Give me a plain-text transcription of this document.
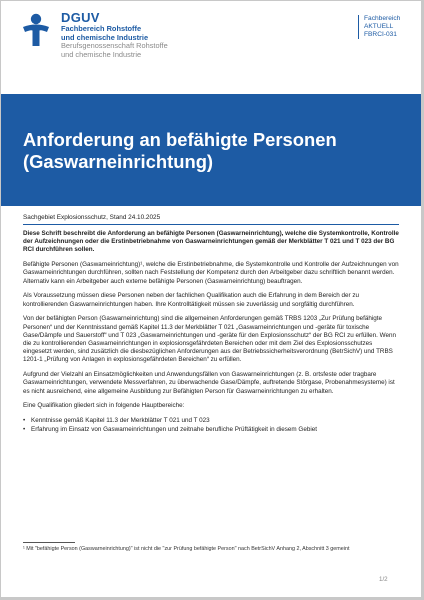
DGUV
Fachbereich Rohstoffe
und chemische Industrie
Berufsgenossenschaft Rohstoffe
und chemische Industrie
Fachbereich
AKTUELL
FBRCI-031
Anforderung an befähigte Personen
(Gaswarneinrichtung)
Sachgebiet Explosionsschutz, Stand 24.10.2025

Diese Schrift beschreibt die Anforderung an befähigte Personen (Gaswarneinrichtung), welche die Systemkontrolle, Kontrolle der Aufzeichnungen oder die Erstinbetriebnahme von Gaswarneinrichtungen gemäß der Merkblätter T 021 und T 023 der BG RCI durchführen sollen.

Befähigte Personen (Gaswarneinrichtung)¹, welche die Erstinbetriebnahme, die Systemkontrolle und Kontrolle der Aufzeichnungen von Gaswarneinrichtungen durchführen, sollten nach Feststellung der Kompetenz durch den Arbeitgeber dazu schriftlich benannt werden. Alternativ kann ein Arbeitgeber auch externe befähigte Personen (Gaswarneinrichtung) beauftragen.

Als Voraussetzung müssen diese Personen neben der fachlichen Qualifikation auch die Erfahrung in dem Bereich der zu kontrollierenden Gaswarneinrichtungen haben. Ihre Kontrolltätigkeit müssen sie zuverlässig und sorgfältig durchführen.

Von der befähigten Person (Gaswarneinrichtung) sind die allgemeinen Anforderungen gemäß TRBS 1203 „Zur Prüfung befähigte Personen“ und der Kenntnisstand gemäß Kapitel 11.3 der Merkblätter T 021 „Gaswarneinrichtungen und -geräte für toxische Gase/Dämpfe und Sauerstoff“ und T 023 „Gaswarneinrichtungen und -geräte für den Explosionsschutz“ der BG RCI zu erfüllen. Wenn die zu kontrollierenden Gaswarneinrichtungen in explosionsgefährdeten Bereichen oder mit dem Ziel des Explosionsschutzes eingesetzt werden, sind zusätzlich die diesbezüglichen Anforderungen aus der Betriebssicherheitsverordnung (BetrSichV) und TRBS 1201-1 „Prüfung von Anlagen in explosionsgefährdeten Bereichen“ zu erfüllen.

Aufgrund der Vielzahl an Einsatzmöglichkeiten und Anwendungsfällen von Gaswarneinrichtungen (z. B. ortsfeste oder tragbare Gaswarneinrichtungen, verwendete Messverfahren, zu überwachende Gase/Dämpfe, auftretende Störgase, Probenahmesysteme) ist es nicht ausreichend, eine allgemeine Ausbildung zur Befähigten Person für Gaswarneinrichtungen zu erhalten.

Eine Qualifikation gliedert sich in folgende Hauptbereiche:

• Kenntnisse gemäß Kapitel 11.3 der Merkblätter T 021 und T 023
• Erfahrung im Einsatz von Gaswarneinrichtungen und zeitnahe berufliche Prüftätigkeit in diesem Gebiet
¹ Mit "befähigte Person (Gaswarneinrichtung)" ist nicht die "zur Prüfung befähigte Person" nach BetrSichV Anhang 2, Abschnitt 3 gemeint
1/2
